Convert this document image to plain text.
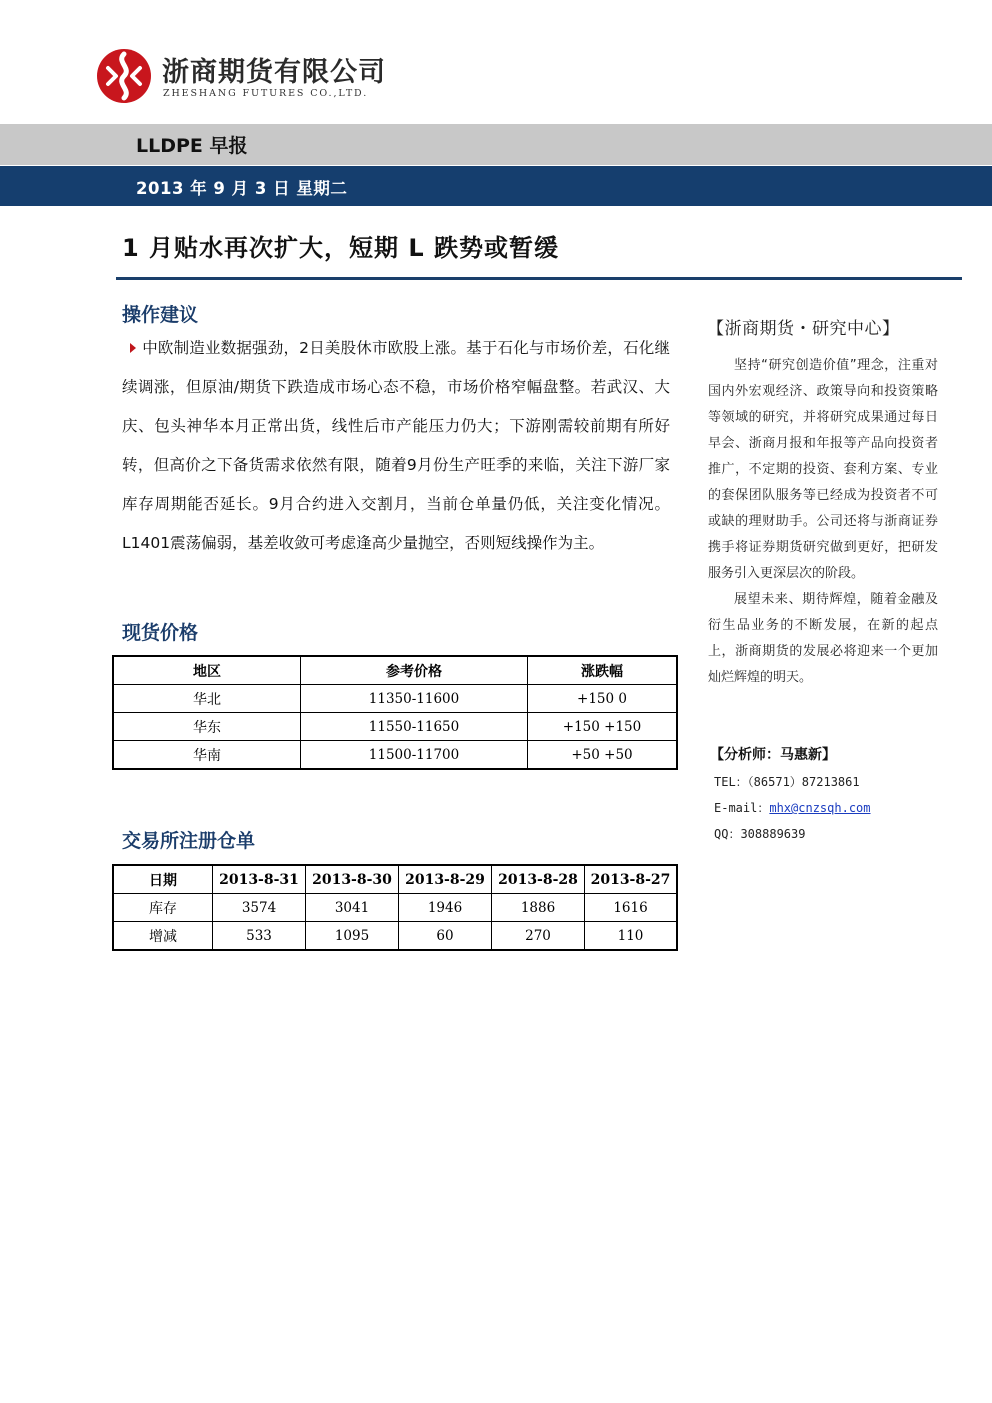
浙商期货有限公司
ZHESHANG FUTURES CO.,LTD.
LLDPE 早报
2013 年 9 月 3 日 星期二
1 月贴水再次扩大，短期 L 跌势或暂缓
操作建议
中欧制造业数据强劲，2日美股休市欧股上涨。基于石化与市场价差，石化继续调涨，但原油/期货下跌造成市场心态不稳，市场价格窄幅盘整。若武汉、大庆、包头神华本月正常出货，线性后市产能压力仍大；下游刚需较前期有所好转，但高价之下备货需求依然有限，随着9月份生产旺季的来临，关注下游厂家库存周期能否延长。9月合约进入交割月，当前仓单量仍低，关注变化情况。L1401震荡偏弱，基差收敛可考虑逢高少量抛空，否则短线操作为主。
现货价格
地区	参考价格	涨跌幅
华北	11350-11600	+150 0
华东	11550-11650	+150 +150
华南	11500-11700	+50 +50
交易所注册仓单
日期	2013-8-31	2013-8-30	2013-8-29	2013-8-28	2013-8-27
库存	3574	3041	1946	1886	1616
增减	533	1095	60	270	110
【浙商期货・研究中心】

坚持“研究创造价值”理念，注重对国内外宏观经济、政策导向和投资策略等领域的研究，并将研究成果通过每日早会、浙商月报和年报等产品向投资者推广，不定期的投资、套利方案、专业的套保团队服务等已经成为投资者不可或缺的理财助手。公司还将与浙商证券携手将证券期货研究做到更好，把研发服务引入更深层次的阶段。

展望未来、期待辉煌，随着金融及衍生品业务的不断发展，在新的起点上，浙商期货的发展必将迎来一个更加灿烂辉煌的明天。

【分析师：马惠新】
TEL：（86571）87213861
E-mail：mhx@cnzsqh.com
QQ：308889639
